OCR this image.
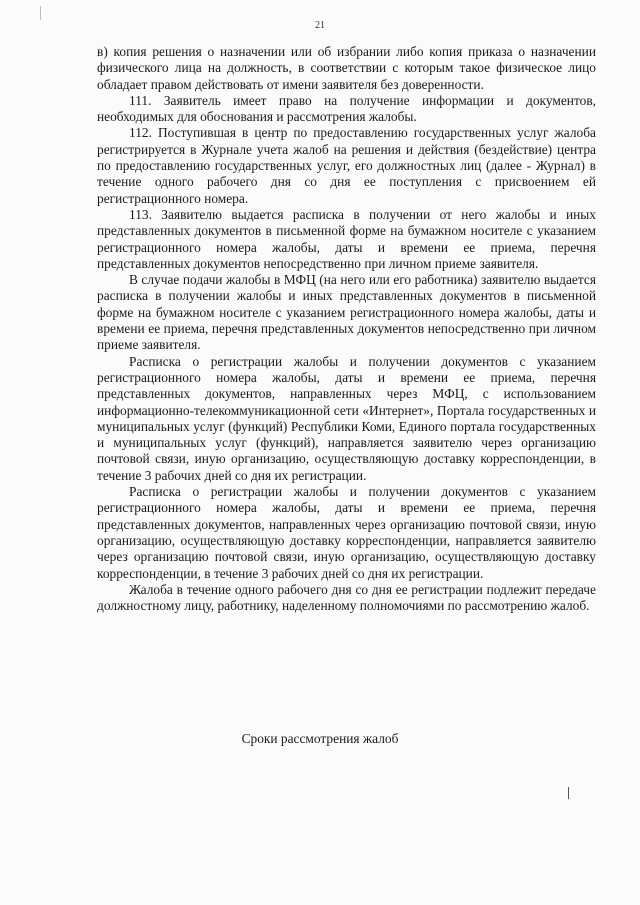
21

в) копия решения о назначении или об избрании либо копия приказа о назначении физического лица на должность, в соответствии с которым такое физическое лицо обладает правом действовать от имени заявителя без доверенности.

111. Заявитель имеет право на получение информации и документов, необходимых для обоснования и рассмотрения жалобы.

112. Поступившая в центр по предоставлению государственных услуг жалоба регистрируется в Журнале учета жалоб на решения и действия (бездействие) центра по предоставлению государственных услуг, его должностных лиц (далее - Журнал) в течение одного рабочего дня со дня ее поступления с присвоением ей регистрационного номера.

113. Заявителю выдается расписка в получении от него жалобы и иных представленных документов в письменной форме на бумажном носителе с указанием регистрационного номера жалобы, даты и времени ее приема, перечня представленных документов непосредственно при личном приеме заявителя.

В случае подачи жалобы в МФЦ (на него или его работника) заявителю выдается расписка в получении жалобы и иных представленных документов в письменной форме на бумажном носителе с указанием регистрационного номера жалобы, даты и времени ее приема, перечня представленных документов непосредственно при личном приеме заявителя.

Расписка о регистрации жалобы и получении документов с указанием регистрационного номера жалобы, даты и времени ее приема, перечня представленных документов, направленных через МФЦ, с использованием информационно-телекоммуникационной сети «Интернет», Портала государственных и муниципальных услуг (функций) Республики Коми, Единого портала государственных и муниципальных услуг (функций), направляется заявителю через организацию почтовой связи, иную организацию, осуществляющую доставку корреспонденции, в течение 3 рабочих дней со дня их регистрации.

Расписка о регистрации жалобы и получении документов с указанием регистрационного номера жалобы, даты и времени ее приема, перечня представленных документов, направленных через организацию почтовой связи, иную организацию, осуществляющую доставку корреспонденции, направляется заявителю через организацию почтовой связи, иную организацию, осуществляющую доставку корреспонденции, в течение 3 рабочих дней со дня их регистрации.

Жалоба в течение одного рабочего дня со дня ее регистрации подлежит передаче должностному лицу, работнику, наделенному полномочиями по рассмотрению жалоб.

Сроки рассмотрения жалоб
